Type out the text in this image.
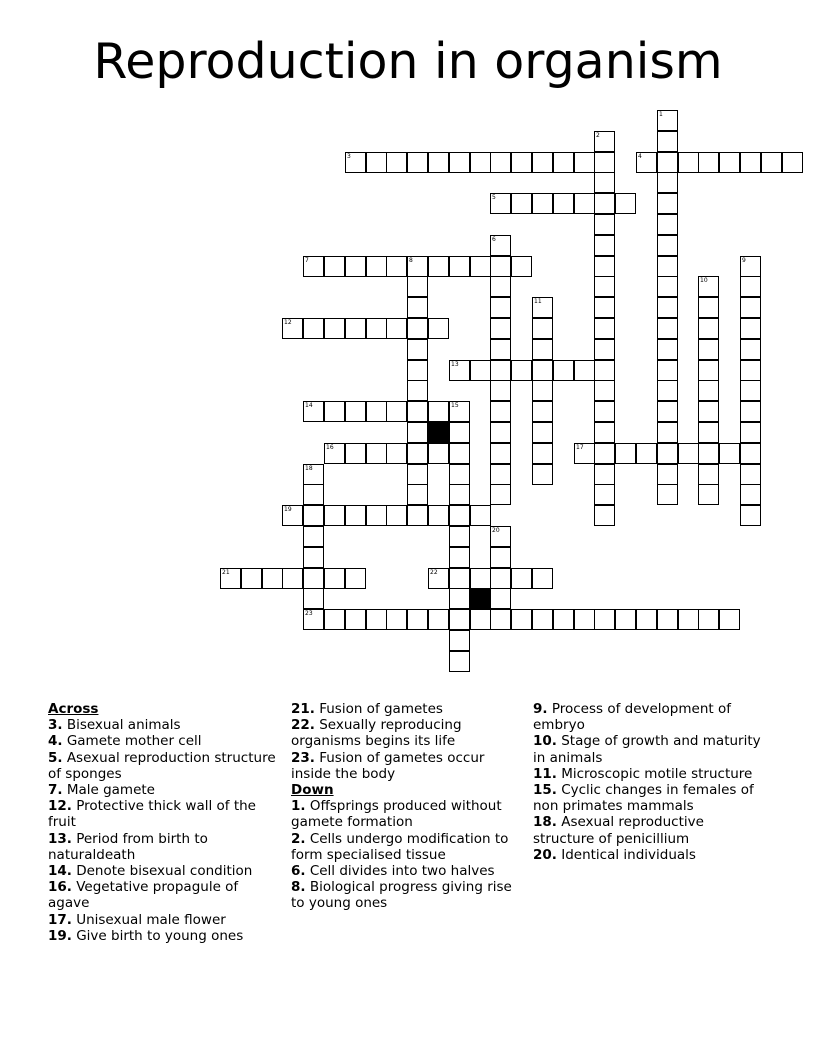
Reproduction in organism
1
2
3	4
5
6
7	8	9
10
11
12
13
14	15
16	17
18
19
20
21	22
23
Across
3. Bisexual animals
4. Gamete mother cell
5. Asexual reproduction structure of sponges
7. Male gamete
12. Protective thick wall of the fruit
13. Period from birth to naturaldeath
14. Denote bisexual condition
16. Vegetative propagule of agave
17. Unisexual male flower
19. Give birth to young ones
21. Fusion of gametes
22. Sexually reproducing organisms begins its life
23. Fusion of gametes occur inside the body
Down
1. Offsprings produced without gamete formation
2. Cells undergo modification to form specialised tissue
6. Cell divides into two halves
8. Biological progress giving rise to young ones
9. Process of development of embryo
10. Stage of growth and maturity in animals
11. Microscopic motile structure
15. Cyclic changes in females of non primates mammals
18. Asexual reproductive structure of penicillium
20. Identical individuals
